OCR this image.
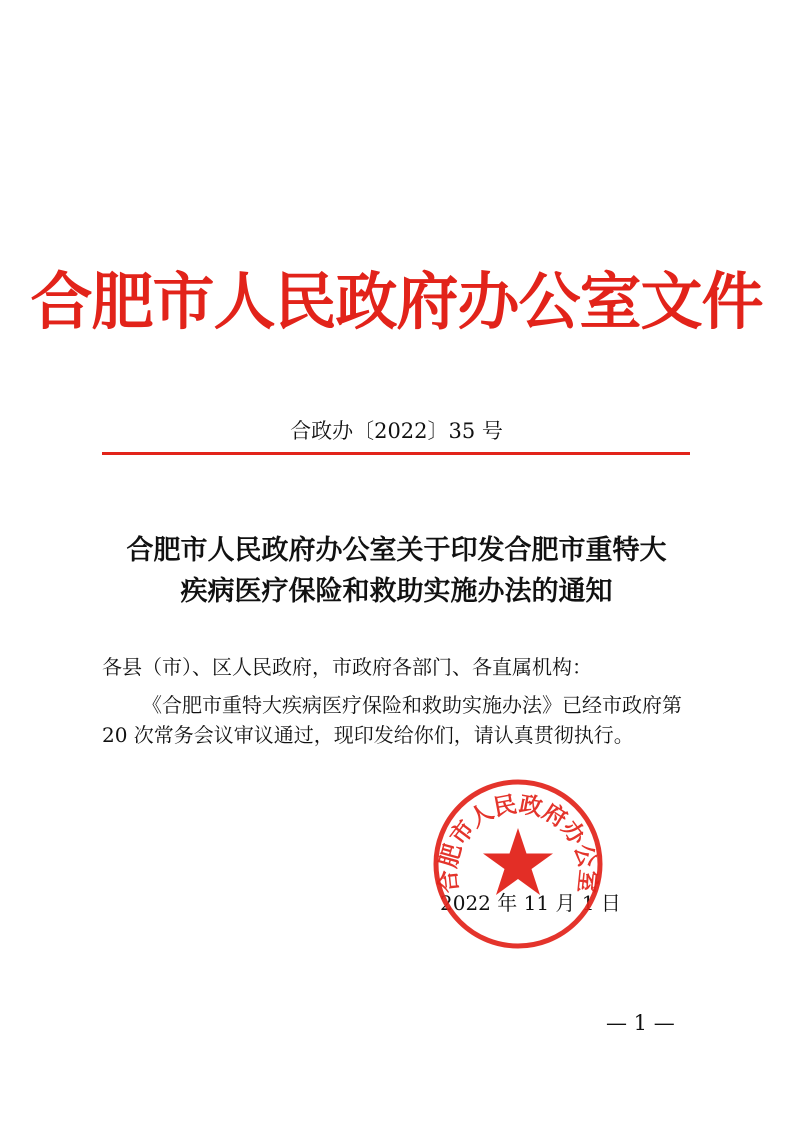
合肥市人民政府办公室文件
合政办〔2022〕35 号
合肥市人民政府办公室关于印发合肥市重特大
疾病医疗保险和救助实施办法的通知
各县（市）、区人民政府，市政府各部门、各直属机构：
《合肥市重特大疾病医疗保险和救助实施办法》已经市政府第 20 次常务会议审议通过，现印发给你们，请认真贯彻执行。
2022 年 11 月 1 日
合肥市人民政府办公室
— 1 —
